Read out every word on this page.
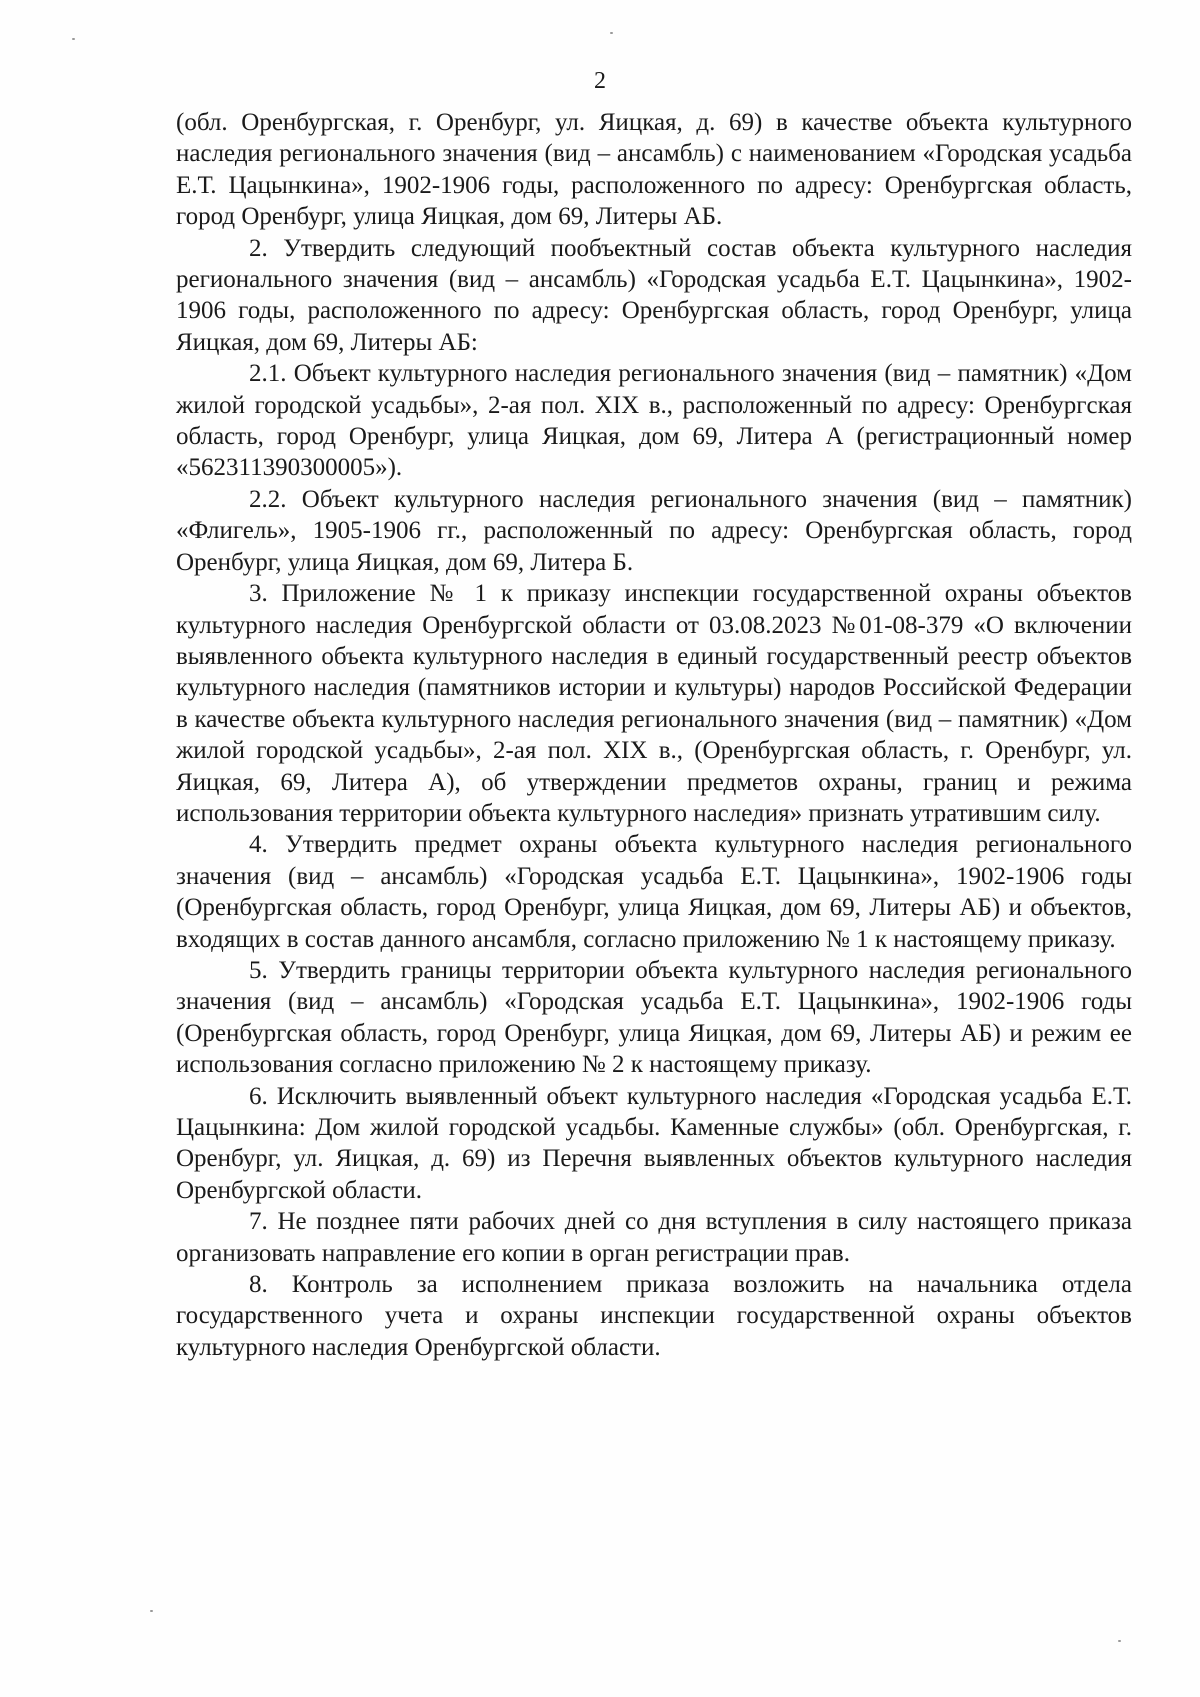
2

(обл. Оренбургская, г. Оренбург, ул. Яицкая, д. 69) в качестве объекта культурного наследия регионального значения (вид – ансамбль) с наименованием «Городская усадьба Е.Т. Цацынкина», 1902-1906 годы, расположенного по адресу: Оренбургская область, город Оренбург, улица Яицкая, дом 69, Литеры АБ.

2. Утвердить следующий пообъектный состав объекта культурного наследия регионального значения (вид – ансамбль) «Городская усадьба Е.Т. Цацынкина», 1902-1906 годы, расположенного по адресу: Оренбургская область, город Оренбург, улица Яицкая, дом 69, Литеры АБ:

2.1. Объект культурного наследия регионального значения (вид – памятник) «Дом жилой городской усадьбы», 2-ая пол. XIX в., расположенный по адресу: Оренбургская область, город Оренбург, улица Яицкая, дом 69, Литера А (регистрационный номер «562311390300005»).

2.2. Объект культурного наследия регионального значения (вид – памятник) «Флигель», 1905-1906 гг., расположенный по адресу: Оренбургская область, город Оренбург, улица Яицкая, дом 69, Литера Б.

3. Приложение № 1 к приказу инспекции государственной охраны объектов культурного наследия Оренбургской области от 03.08.2023 №01-08-379 «О включении выявленного объекта культурного наследия в единый государственный реестр объектов культурного наследия (памятников истории и культуры) народов Российской Федерации в качестве объекта культурного наследия регионального значения (вид – памятник) «Дом жилой городской усадьбы», 2-ая пол. XIX в., (Оренбургская область, г. Оренбург, ул. Яицкая, 69, Литера А), об утверждении предметов охраны, границ и режима использования территории объекта культурного наследия» признать утратившим силу.

4. Утвердить предмет охраны объекта культурного наследия регионального значения (вид – ансамбль) «Городская усадьба Е.Т. Цацынкина», 1902-1906 годы (Оренбургская область, город Оренбург, улица Яицкая, дом 69, Литеры АБ) и объектов, входящих в состав данного ансамбля, согласно приложению № 1 к настоящему приказу.

5. Утвердить границы территории объекта культурного наследия регионального значения (вид – ансамбль) «Городская усадьба Е.Т. Цацынкина», 1902-1906 годы (Оренбургская область, город Оренбург, улица Яицкая, дом 69, Литеры АБ) и режим ее использования согласно приложению № 2 к настоящему приказу.

6. Исключить выявленный объект культурного наследия «Городская усадьба Е.Т. Цацынкина: Дом жилой городской усадьбы. Каменные службы» (обл. Оренбургская, г. Оренбург, ул. Яицкая, д. 69) из Перечня выявленных объектов культурного наследия Оренбургской области.

7. Не позднее пяти рабочих дней со дня вступления в силу настоящего приказа организовать направление его копии в орган регистрации прав.

8. Контроль за исполнением приказа возложить на начальника отдела государственного учета и охраны инспекции государственной охраны объектов культурного наследия Оренбургской области.
